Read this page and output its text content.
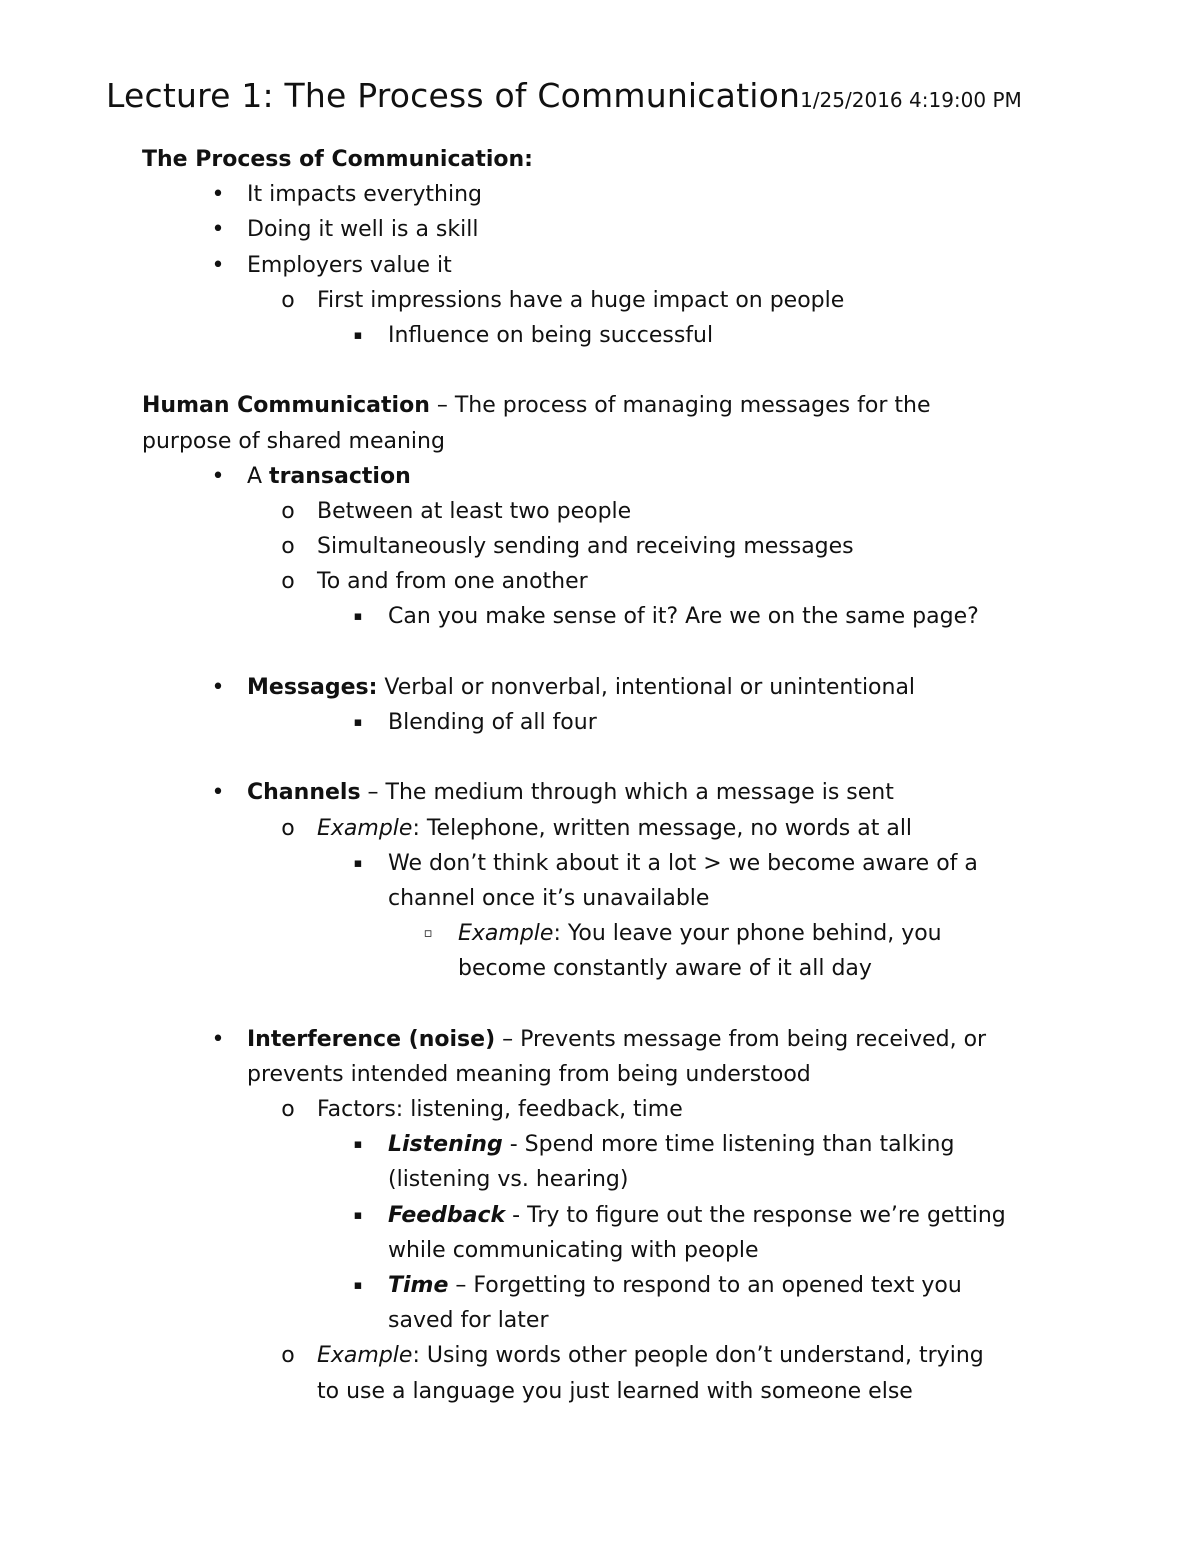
Lecture 1: The Process of Communication1/25/2016 4:19:00 PM
The Process of Communication:
• It impacts everything
• Doing it well is a skill
• Employers value it
o First impressions have a huge impact on people
▪ Influence on being successful
Human Communication – The process of managing messages for the
purpose of shared meaning
• A transaction
o Between at least two people
o Simultaneously sending and receiving messages
o To and from one another
▪ Can you make sense of it? Are we on the same page?
• Messages: Verbal or nonverbal, intentional or unintentional
▪ Blending of all four
• Channels – The medium through which a message is sent
o Example: Telephone, written message, no words at all
▪ We don’t think about it a lot > we become aware of a
channel once it’s unavailable
▫ Example: You leave your phone behind, you
become constantly aware of it all day
• Interference (noise) – Prevents message from being received, or
prevents intended meaning from being understood
o Factors: listening, feedback, time
▪ Listening - Spend more time listening than talking
(listening vs. hearing)
▪ Feedback - Try to figure out the response we’re getting
while communicating with people
▪ Time – Forgetting to respond to an opened text you
saved for later
o Example: Using words other people don’t understand, trying
to use a language you just learned with someone else
